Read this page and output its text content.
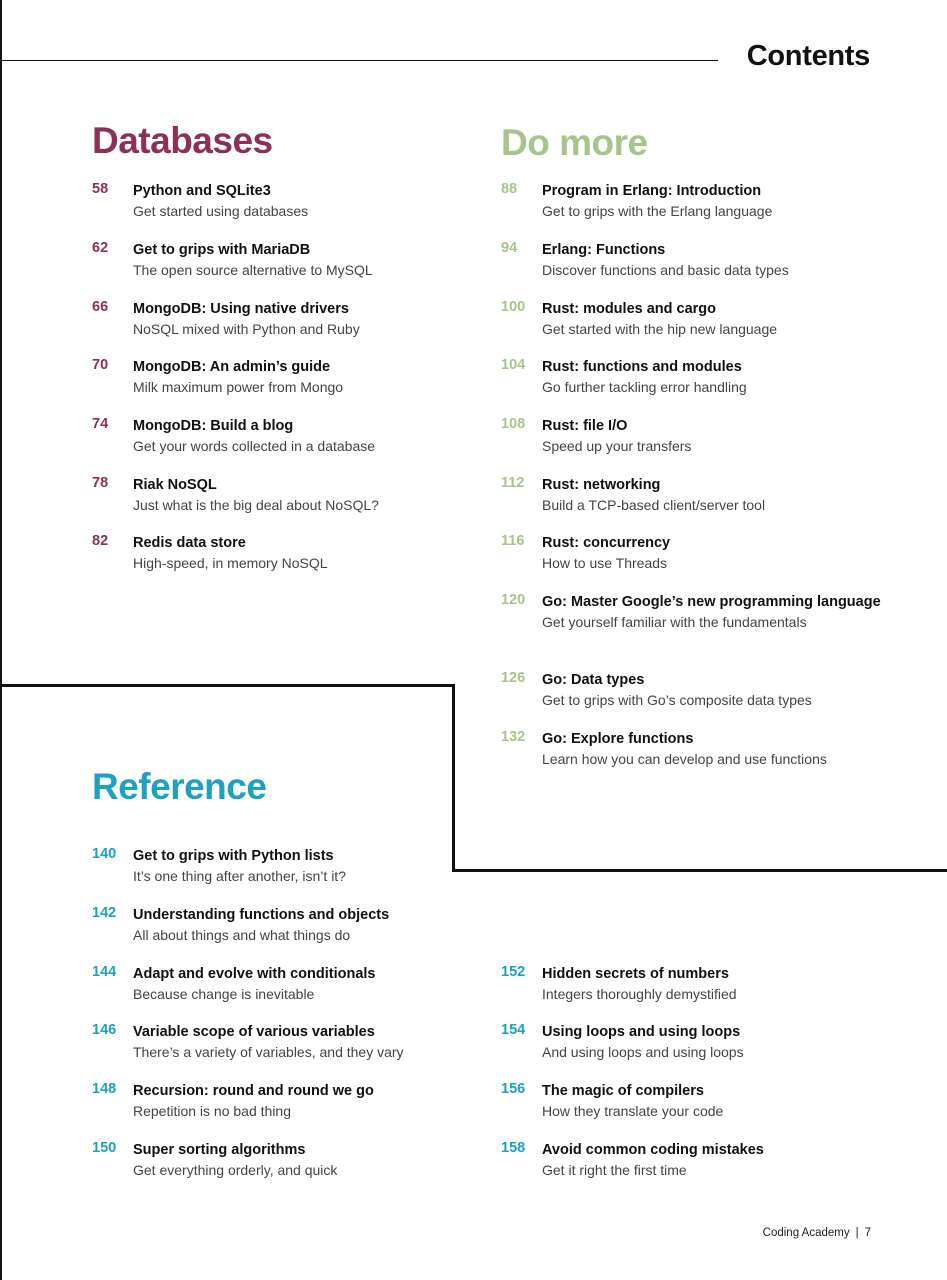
Contents
Databases	Do more
Reference
58	Python and SQLite3
Get started using databases
62	Get to grips with MariaDB
The open source alternative to MySQL
66	MongoDB: Using native drivers
NoSQL mixed with Python and Ruby
70	MongoDB: An admin’s guide
Milk maximum power from Mongo
74	MongoDB: Build a blog
Get your words collected in a database
78	Riak NoSQL
Just what is the big deal about NoSQL?
82	Redis data store
High-speed, in memory NoSQL
88	Program in Erlang: Introduction
Get to grips with the Erlang language
94	Erlang: Functions
Discover functions and basic data types
100	Rust: modules and cargo
Get started with the hip new language
104	Rust: functions and modules
Go further tackling error handling
108	Rust: file I/O
Speed up your transfers
112	Rust: networking
Build a TCP-based client/server tool
116	Rust: concurrency
How to use Threads
120	Go: Master Google’s new programming language
Get yourself familiar with the fundamentals
126	Go: Data types
Get to grips with Go’s composite data types
132	Go: Explore functions
Learn how you can develop and use functions
140	Get to grips with Python lists
It’s one thing after another, isn’t it?
142	Understanding functions and objects
All about things and what things do
144	Adapt and evolve with conditionals
Because change is inevitable
146	Variable scope of various variables
There’s a variety of variables, and they vary
148	Recursion: round and round we go
Repetition is no bad thing
150	Super sorting algorithms
Get everything orderly, and quick
152	Hidden secrets of numbers
Integers thoroughly demystified
154	Using loops and using loops
And using loops and using loops
156	The magic of compilers
How they translate your code
158	Avoid common coding mistakes
Get it right the first time
Coding Academy | 7
